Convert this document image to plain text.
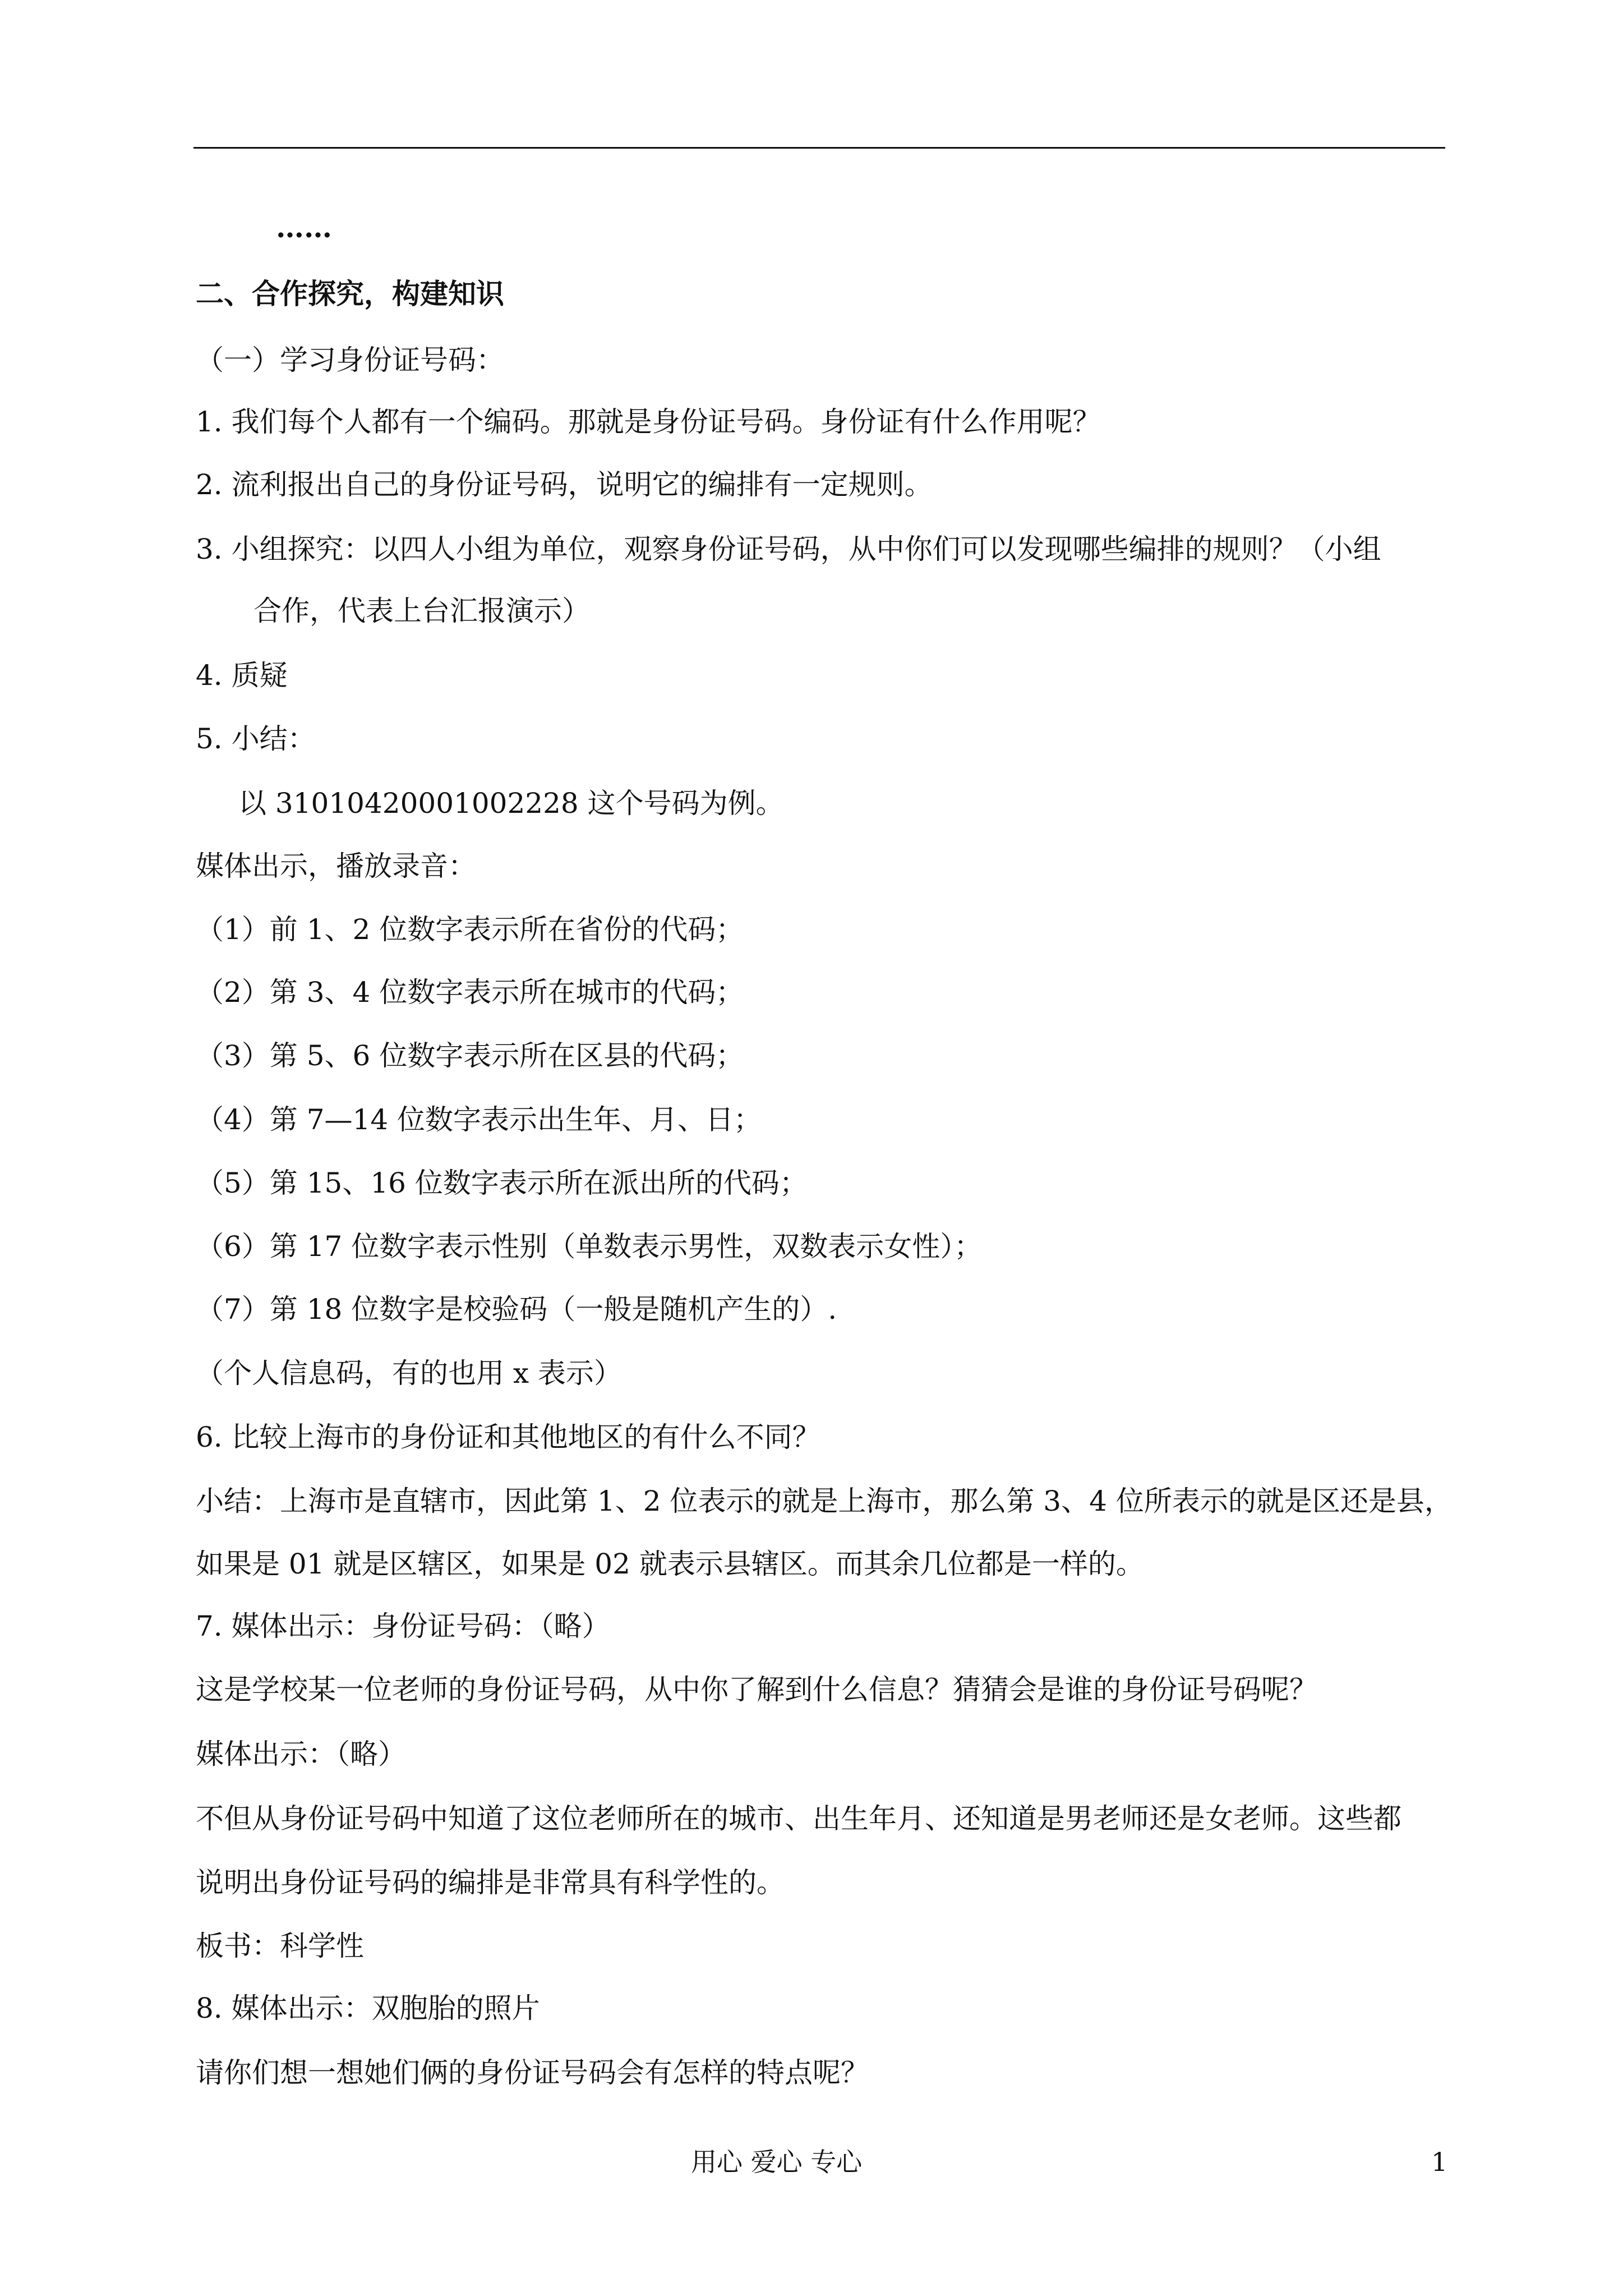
……
二、合作探究，构建知识
（一）学习身份证号码：
1. 我们每个人都有一个编码。那就是身份证号码。身份证有什么作用呢？
2. 流利报出自己的身份证号码，说明它的编排有一定规则。
3. 小组探究：以四人小组为单位，观察身份证号码，从中你们可以发现哪些编排的规则？（小组
合作，代表上台汇报演示）
4. 质疑
5. 小结：
以 310104200010022​28 这个号码为例。
媒体出示，播放录音：
（1）前 1、2 位数字表示所在省份的代码；
（2）第 3、4 位数字表示所在城市的代码；
（3）第 5、6 位数字表示所在区县的代码；
（4）第 7—14 位数字表示出生年、月、日；
（5）第 15、16 位数字表示所在派出所的代码；
（6）第 17 位数字表示性别（单数表示男性，双数表示女性）；
（7）第 18 位数字是校验码（一般是随机产生的）.
（个人信息码，有的也用 x 表示）
6. 比较上海市的身份证和其他地区的有什么不同？
小结：上海市是直辖市，因此第 1、2 位表示的就是上海市，那么第 3、4 位所表示的就是区还是县，
如果是 01 就是区辖区，如果是 02 就表示县辖区。而其余几位都是一样的。
7. 媒体出示：身份证号码：（略）
这是学校某一位老师的身份证号码，从中你了解到什么信息？猜猜会是谁的身份证号码呢？
媒体出示：（略）
不但从身份证号码中知道了这位老师所在的城市、出生年月、还知道是男老师还是女老师。这些都
说明出身份证号码的编排是非常具有科学性的。
板书：科学性
8. 媒体出示：双胞胎的照片
请你们想一想她们俩的身份证号码会有怎样的特点呢？
用心 爱心 专心	1
